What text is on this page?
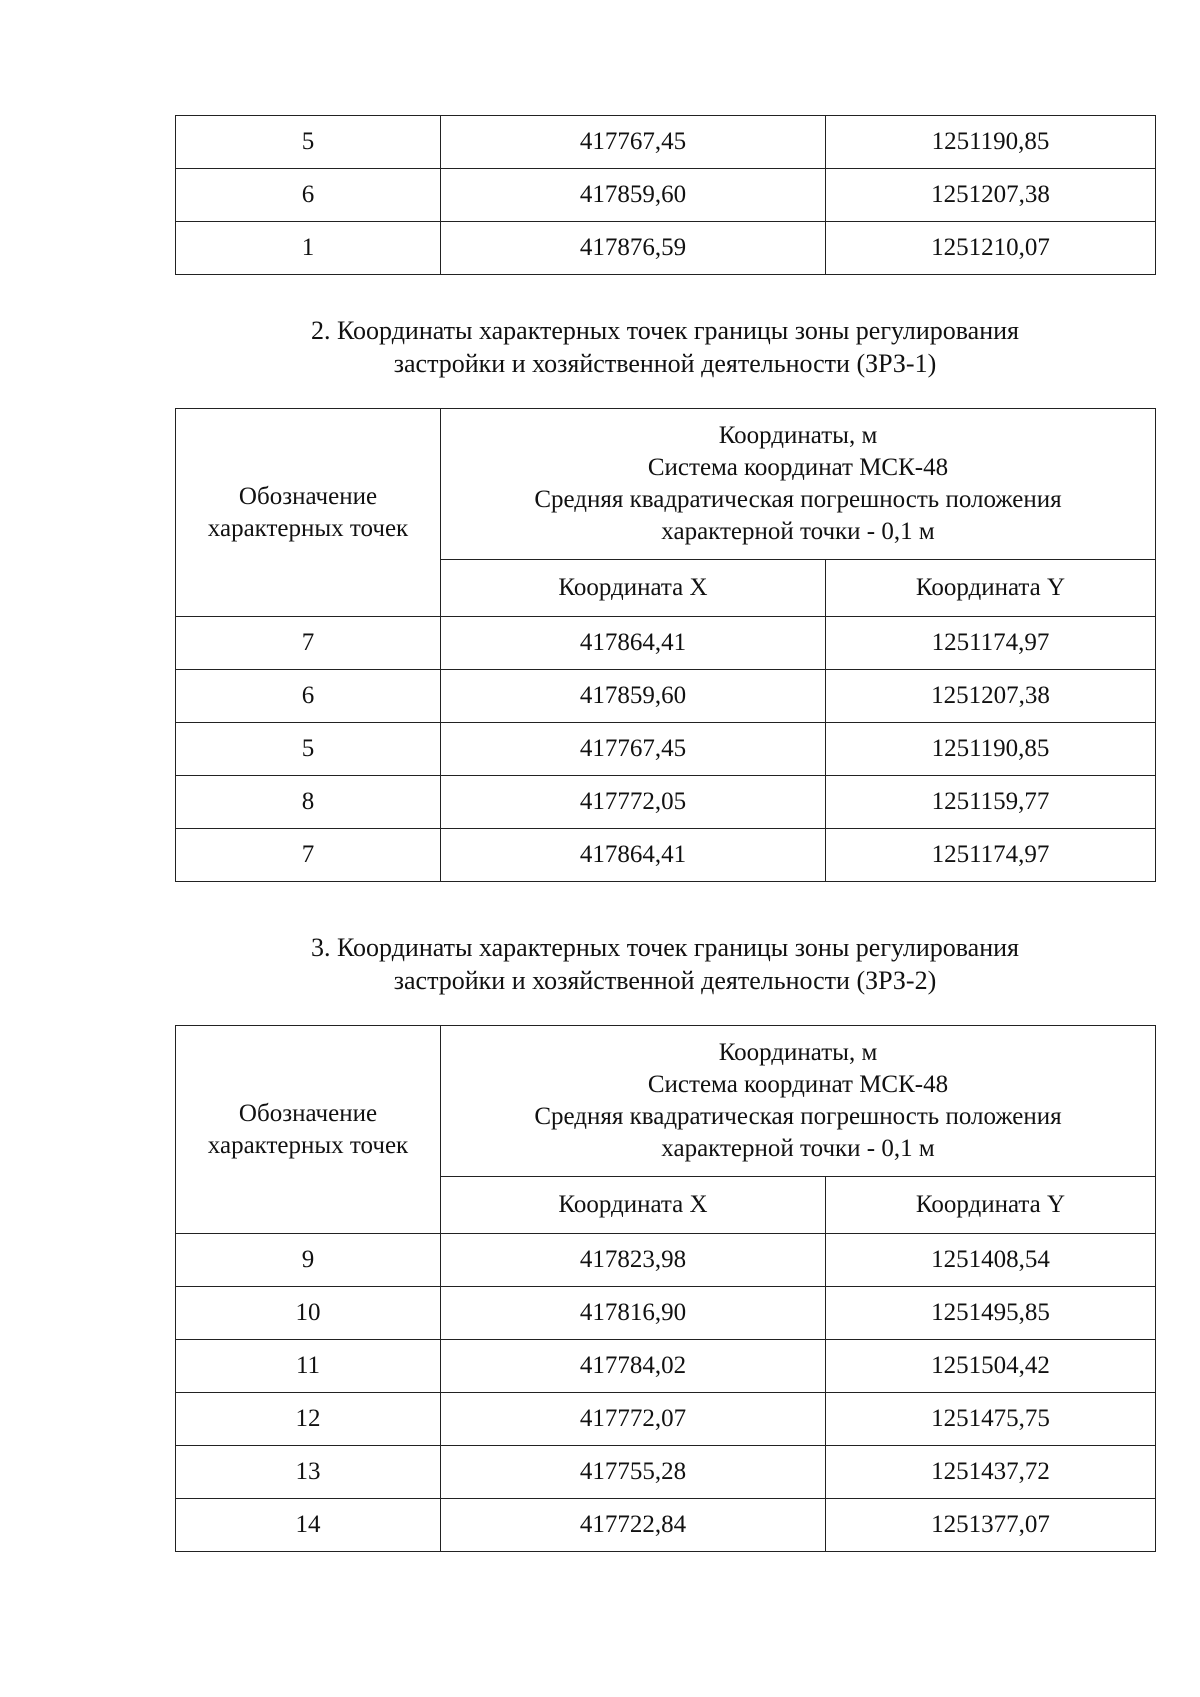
5	417767,45	1251190,85
6	417859,60	1251207,38
1	417876,59	1251210,07
2. Координаты характерных точек границы зоны регулирования
застройки и хозяйственной деятельности (ЗРЗ-1)
Обозначение характерных точек	Координаты, м
Система координат МСК-48
Средняя квадратическая погрешность положения
характерной точки - 0,1 м	

	Координата X	Координата Y
7	417864,41	1251174,97
6	417859,60	1251207,38
5	417767,45	1251190,85
8	417772,05	1251159,77
7	417864,41	1251174,97
3. Координаты характерных точек границы зоны регулирования
застройки и хозяйственной деятельности (ЗРЗ-2)
Обозначение характерных точек	Координаты, м
Система координат МСК-48
Средняя квадратическая погрешность положения
характерной точки - 0,1 м	

	Координата X	Координата Y
9	417823,98	1251408,54
10	417816,90	1251495,85
11	417784,02	1251504,42
12	417772,07	1251475,75
13	417755,28	1251437,72
14	417722,84	1251377,07
